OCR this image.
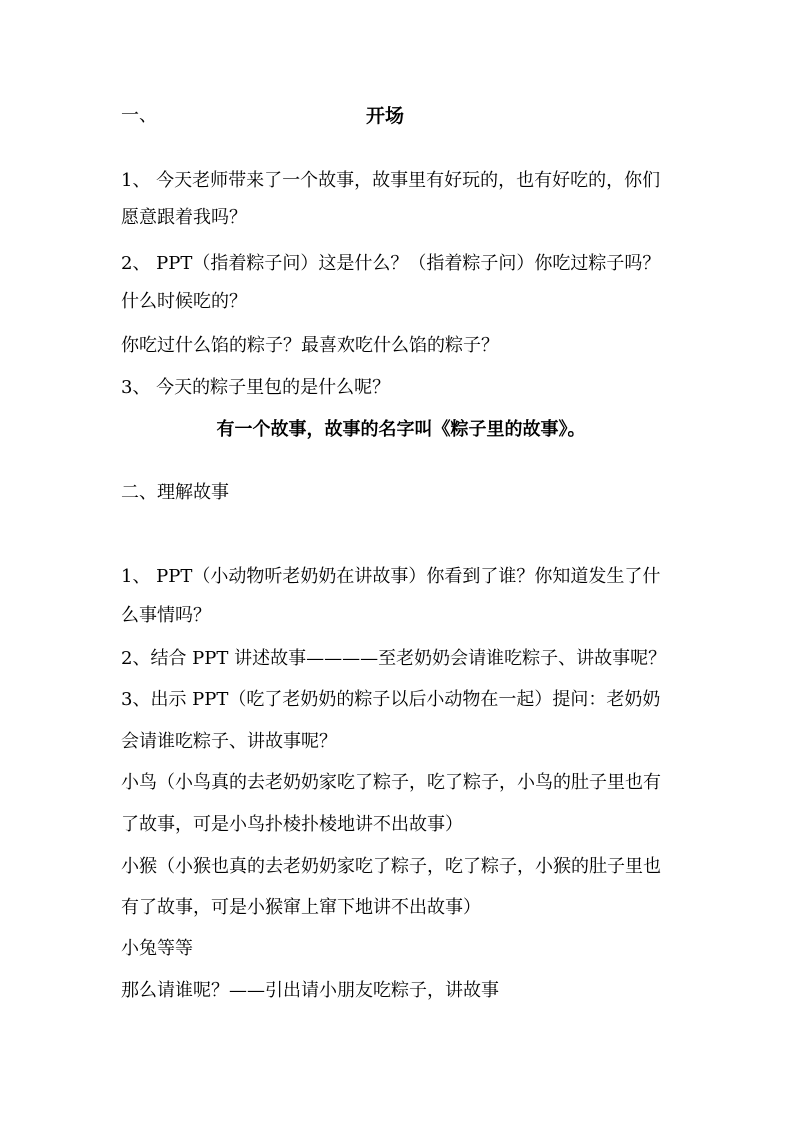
一、	开场
1、 今天老师带来了一个故事，故事里有好玩的，也有好吃的，你们
愿意跟着我吗？
2、 PPT（指着粽子问）这是什么？（指着粽子问）你吃过粽子吗？
什么时候吃的？
你吃过什么馅的粽子？最喜欢吃什么馅的粽子？
3、 今天的粽子里包的是什么呢？
有一个故事，故事的名字叫《粽子里的故事》。
二、理解故事
1、 PPT（小动物听老奶奶在讲故事）你看到了谁？你知道发生了什
么事情吗？
2、结合 PPT 讲述故事————至老奶奶会请谁吃粽子、讲故事呢？
3、出示 PPT（吃了老奶奶的粽子以后小动物在一起）提问：老奶奶
会请谁吃粽子、讲故事呢？
小鸟（小鸟真的去老奶奶家吃了粽子，吃了粽子，小鸟的肚子里也有
了故事，可是小鸟扑棱扑棱地讲不出故事）
小猴（小猴也真的去老奶奶家吃了粽子，吃了粽子，小猴的肚子里也
有了故事，可是小猴窜上窜下地讲不出故事）
小兔等等
那么请谁呢？——引出请小朋友吃粽子，讲故事
